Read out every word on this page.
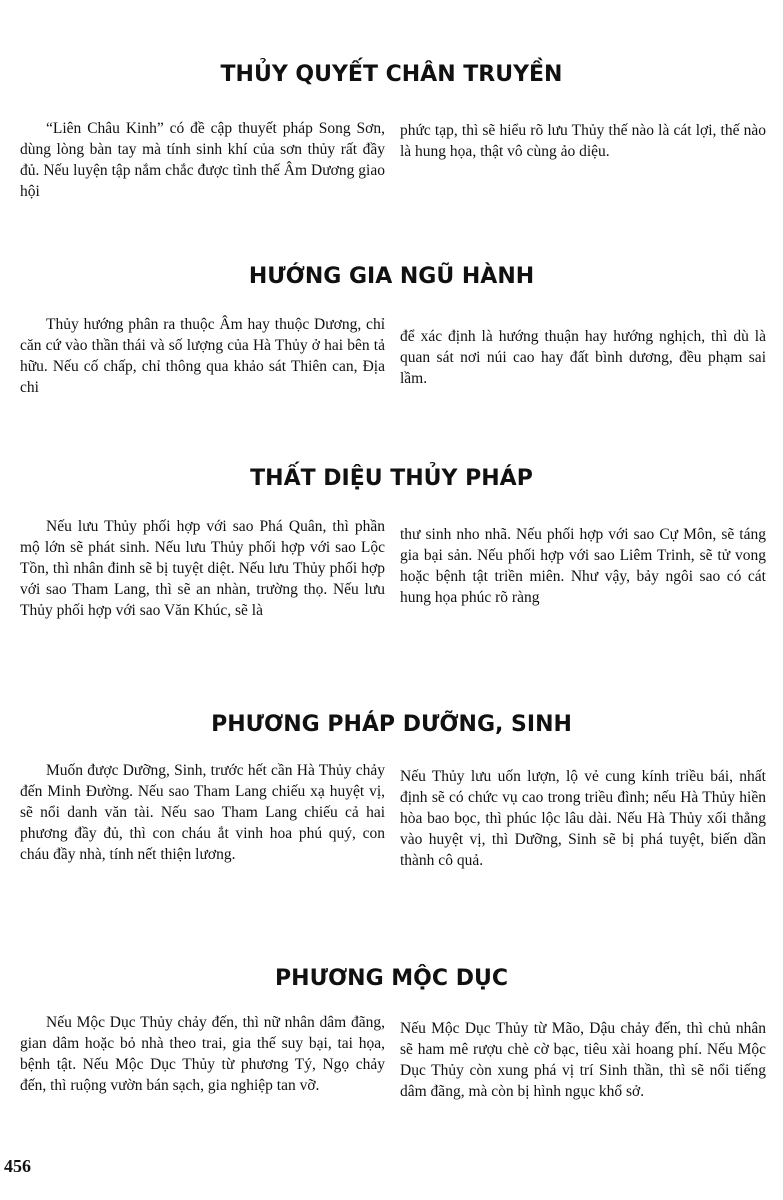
THỦY QUYẾT CHÂN TRUYỀN

“Liên Châu Kinh” có đề cập thuyết pháp Song Sơn, dùng lòng bàn tay mà tính sinh khí của sơn thủy rất đầy đủ. Nếu luyện tập nắm chắc được tình thế Âm Dương giao hội

phức tạp, thì sẽ hiểu rõ lưu Thủy thế nào là cát lợi, thế nào là hung họa, thật vô cùng ảo diệu.

HƯỚNG GIA NGŨ HÀNH

Thủy hướng phân ra thuộc Âm hay thuộc Dương, chỉ căn cứ vào thần thái và số lượng của Hà Thủy ở hai bên tả hữu. Nếu cố chấp, chỉ thông qua khảo sát Thiên can, Địa chi

để xác định là hướng thuận hay hướng nghịch, thì dù là quan sát nơi núi cao hay đất bình dương, đều phạm sai lầm.

THẤT DIỆU THỦY PHÁP

Nếu lưu Thủy phối hợp với sao Phá Quân, thì phần mộ lớn sẽ phát sinh. Nếu lưu Thủy phối hợp với sao Lộc Tồn, thì nhân đinh sẽ bị tuyệt diệt. Nếu lưu Thủy phối hợp với sao Tham Lang, thì sẽ an nhàn, trường thọ. Nếu lưu Thủy phối hợp với sao Văn Khúc, sẽ là

thư sinh nho nhã. Nếu phối hợp với sao Cự Môn, sẽ táng gia bại sản. Nếu phối hợp với sao Liêm Trinh, sẽ tử vong hoặc bệnh tật triền miên. Như vậy, bảy ngôi sao có cát hung họa phúc rõ ràng

PHƯƠNG PHÁP DƯỠNG, SINH

Muốn được Dưỡng, Sinh, trước hết cần Hà Thủy chảy đến Minh Đường. Nếu sao Tham Lang chiếu xạ huyệt vị, sẽ nổi danh văn tài. Nếu sao Tham Lang chiếu cả hai phương đầy đủ, thì con cháu ắt vinh hoa phú quý, con cháu đầy nhà, tính nết thiện lương.

Nếu Thủy lưu uốn lượn, lộ vẻ cung kính triều bái, nhất định sẽ có chức vụ cao trong triều đình; nếu Hà Thủy hiền hòa bao bọc, thì phúc lộc lâu dài. Nếu Hà Thủy xối thẳng vào huyệt vị, thì Dưỡng, Sinh sẽ bị phá tuyệt, biến dần thành cô quả.

PHƯƠNG MỘC DỤC

Nếu Mộc Dục Thủy chảy đến, thì nữ nhân dâm đãng, gian dâm hoặc bỏ nhà theo trai, gia thế suy bại, tai họa, bệnh tật. Nếu Mộc Dục Thủy từ phương Tý, Ngọ chảy đến, thì ruộng vườn bán sạch, gia nghiệp tan vỡ.

Nếu Mộc Dục Thủy từ Mão, Dậu chảy đến, thì chủ nhân sẽ ham mê rượu chè cờ bạc, tiêu xài hoang phí. Nếu Mộc Dục Thủy còn xung phá vị trí Sinh thần, thì sẽ nổi tiếng dâm đãng, mà còn bị hình ngục khổ sở.

456
